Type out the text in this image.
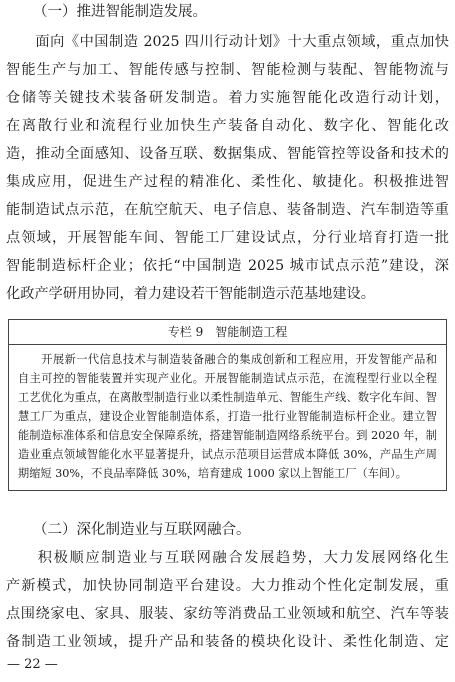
（一）推进智能制造发展。
　　面向《中国制造 2025 四川行动计划》十大重点领域，重点加快
智能生产与加工、智能传感与控制、智能检测与装配、智能物流与
仓储等关键技术装备研发制造。着力实施智能化改造行动计划，
在离散行业和流程行业加快生产装备自动化、数字化、智能化改
造，推动全面感知、设备互联、数据集成、智能管控等设备和技术的
集成应用，促进生产过程的精准化、柔性化、敏捷化。积极推进智
能制造试点示范，在航空航天、电子信息、装备制造、汽车制造等重
点领域，开展智能车间、智能工厂建设试点，分行业培育打造一批
智能制造标杆企业；依托“中国制造 2025 城市试点示范”建设，深
化政产学研用协同，着力建设若干智能制造示范基地建设。
专栏 9 智能制造工程
　　开展新一代信息技术与制造装备融合的集成创新和工程应用，开发智能产品和
自主可控的智能装置并实现产业化。开展智能制造试点示范，在流程型行业以全程
工艺优化为重点，在离散型制造行业以柔性制造单元、智能生产线、数字化车间、智
慧工厂为重点，建设企业智能制造体系，打造一批行业智能制造标杆企业。建立智
能制造标准体系和信息安全保障系统，搭建智能制造网络系统平台。到 2020 年，制
造业重点领域智能化水平显著提升，试点示范项目运营成本降低 30%，产品生产周
期缩短 30%，不良品率降低 30%，培育建成 1000 家以上智能工厂（车间）。
（二）深化制造业与互联网融合。
　　积极顺应制造业与互联网融合发展趋势，大力发展网络化生
产新模式，加快协同制造平台建设。大力推动个性化定制发展，重
点围绕家电、家具、服装、家纺等消费品工业领域和航空、汽车等装
备制造工业领域，提升产品和装备的模块化设计、柔性化制造、定
— 22 —
